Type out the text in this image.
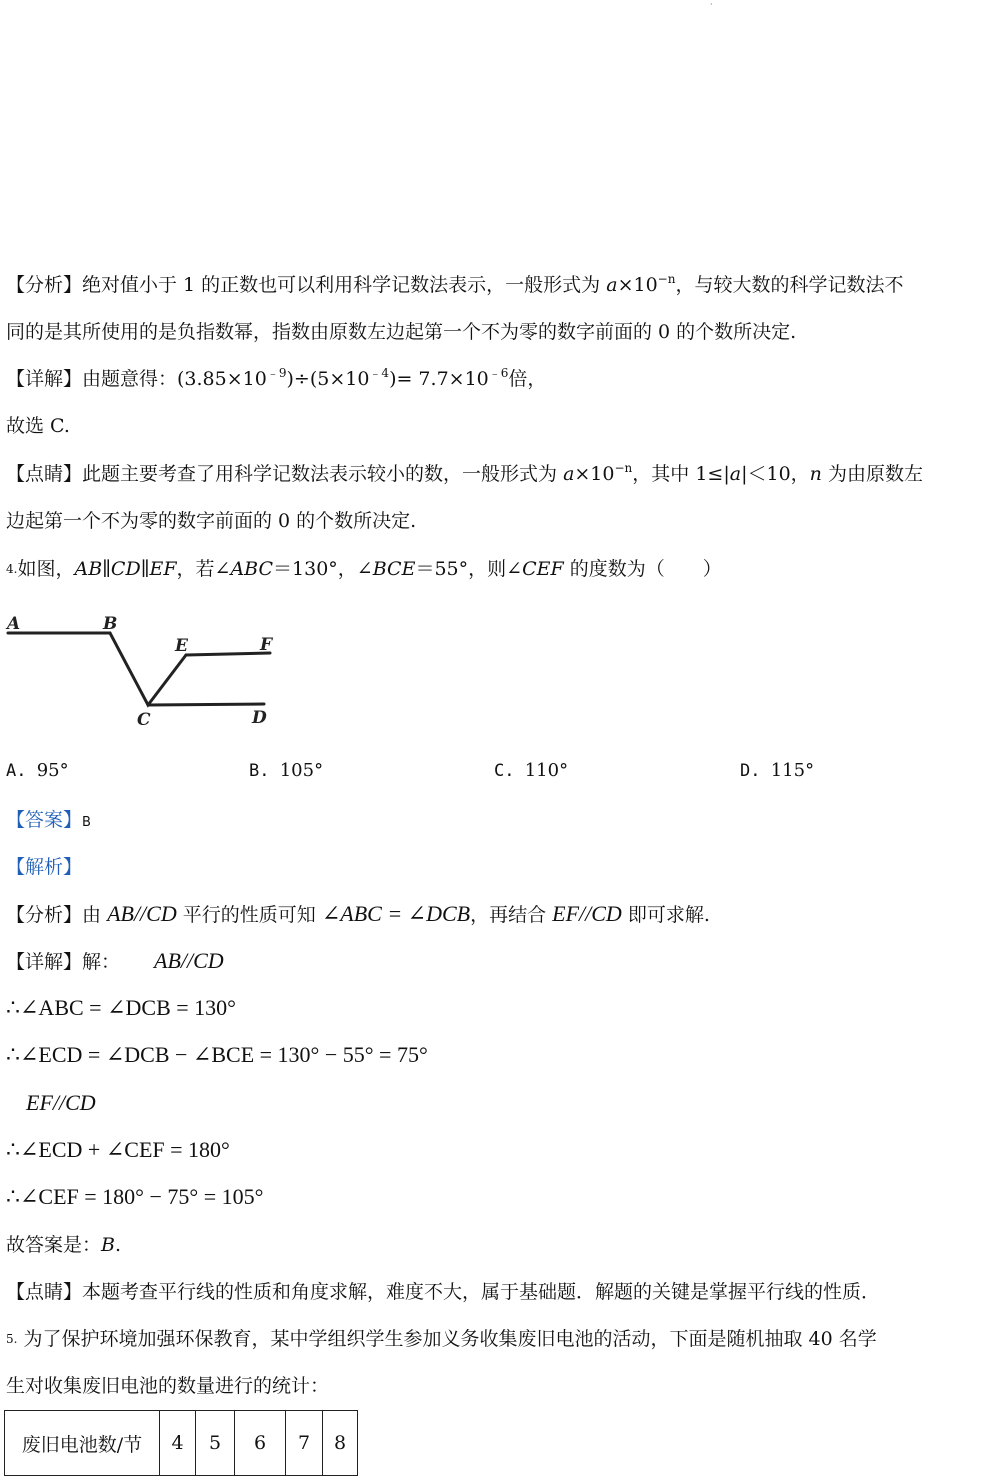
·
【分析】绝对值小于 1 的正数也可以利用科学记数法表示，一般形式为 $a\times 10^{-n}$，与较大数的科学记数法不
同的是其所使用的是负指数幂，指数由原数左边起第一个不为零的数字前面的 0 的个数所决定.
【详解】由题意得：$(3.85\times 10^{﹣9})\div(5\times 10^{﹣4})= 7.7\times 10^{﹣6}$倍，
故选 C.
【点睛】此题主要考查了用科学记数法表示较小的数，一般形式为 $a\times 10^{-n}$，其中 1≤|a|＜10，n 为由原数左
边起第一个不为零的数字前面的 0 的个数所决定.
4.如图，AB∥CD∥EF，若∠ABC＝130°，∠BCE＝55°，则∠CEF 的度数为（　　）
A	B
E	F
C	D
A. 95°	B. 105°	C. 110°	D. 115°
【答案】B
【解析】
【分析】由 AB//CD 平行的性质可知 ∠ABC = ∠DCB，再结合 EF//CD 即可求解.
【详解】解： AB//CD
∴∠ABC = ∠DCB = 130°
∴∠ECD = ∠DCB − ∠BCE = 130° − 55° = 75°
EF//CD
∴∠ECD + ∠CEF = 180°
∴∠CEF = 180° − 75° = 105°
故答案是：B.
【点睛】本题考查平行线的性质和角度求解，难度不大，属于基础题．解题的关键是掌握平行线的性质．
5. 为了保护环境加强环保教育，某中学组织学生参加义务收集废旧电池的活动，下面是随机抽取 40 名学
生对收集废旧电池的数量进行的统计：
废旧电池数/节	4	5	6	7	8
